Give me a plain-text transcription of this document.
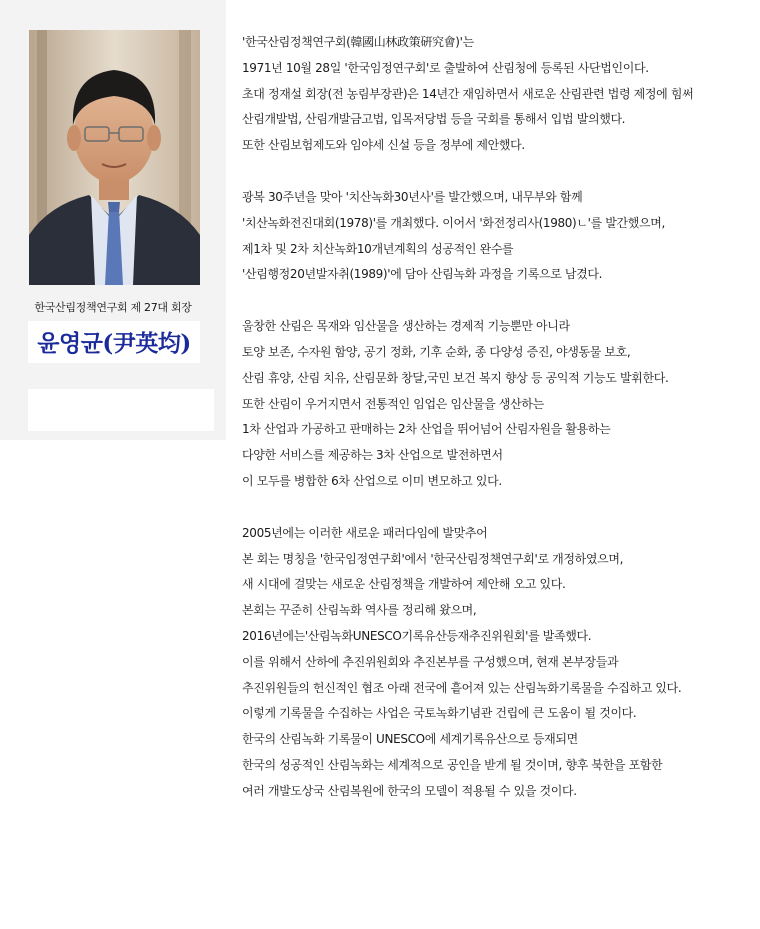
한국산림정책연구회 제 27대 회장
윤영균(尹英均)
'한국산림정책연구회(韓國山林政策硏究會)'는
1971년 10월 28일 '한국임정연구회'로 출발하여 산림청에 등록된 사단법인이다.
초대 정재설 회장(전 농림부장관)은 14년간 재임하면서 새로운 산림관련 법령 제정에 힘써
산림개발법, 산림개발금고법, 입목저당법 등을 국회를 통해서 입법 발의했다.
또한 산림보험제도와 임야세 신설 등을 정부에 제안했다.
광복 30주년을 맞아 '치산녹화30년사'를 발간했으며, 내무부와 함께
'치산녹화전진대회(1978)'를 개최했다. 이어서 '화전정리사(1980)ㄴ'를 발간했으며,
제1차 및 2차 치산녹화10개년계획의 성공적인 완수를
'산림행정20년발자취(1989)'에 담아 산림녹화 과정을 기록으로 남겼다.
울창한 산림은 목재와 임산물을 생산하는 경제적 기능뿐만 아니라
토양 보존, 수자원 함양, 공기 정화, 기후 순화, 종 다양성 증진, 야생동물 보호,
산림 휴양, 산림 치유, 산림문화 창달,국민 보건 복지 향상 등 공익적 기능도 발휘한다.
또한 산림이 우거지면서 전통적인 임업은 임산물을 생산하는
1차 산업과 가공하고 판매하는 2차 산업을 뛰어넘어 산림자원을 활용하는
다양한 서비스를 제공하는 3차 산업으로 발전하면서
이 모두를 병합한 6차 산업으로 이미 변모하고 있다.
2005년에는 이러한 새로운 패러다임에 발맞추어
본 회는 명칭을 '한국임정연구회'에서 '한국산림정책연구회'로 개정하였으며,
새 시대에 걸맞는 새로운 산림정책을 개발하여 제안해 오고 있다.
본회는 꾸준히 산림녹화 역사를 정리해 왔으며,
2016년에는'산림녹화UNESCO기록유산등재추진위원회'를 발족했다.
이를 위해서 산하에 추진위원회와 추진본부를 구성했으며, 현재 본부장들과
추진위원들의 헌신적인 협조 아래 전국에 흩어져 있는 산림녹화기록물을 수집하고 있다.
이렇게 기록물을 수집하는 사업은 국토녹화기념관 건립에 큰 도움이 될 것이다.
한국의 산림녹화 기록물이 UNESCO에 세계기록유산으로 등재되면
한국의 성공적인 산림녹화는 세계적으로 공인을 받게 될 것이며, 향후 북한을 포함한
여러 개발도상국 산림복원에 한국의 모델이 적용될 수 있을 것이다.
